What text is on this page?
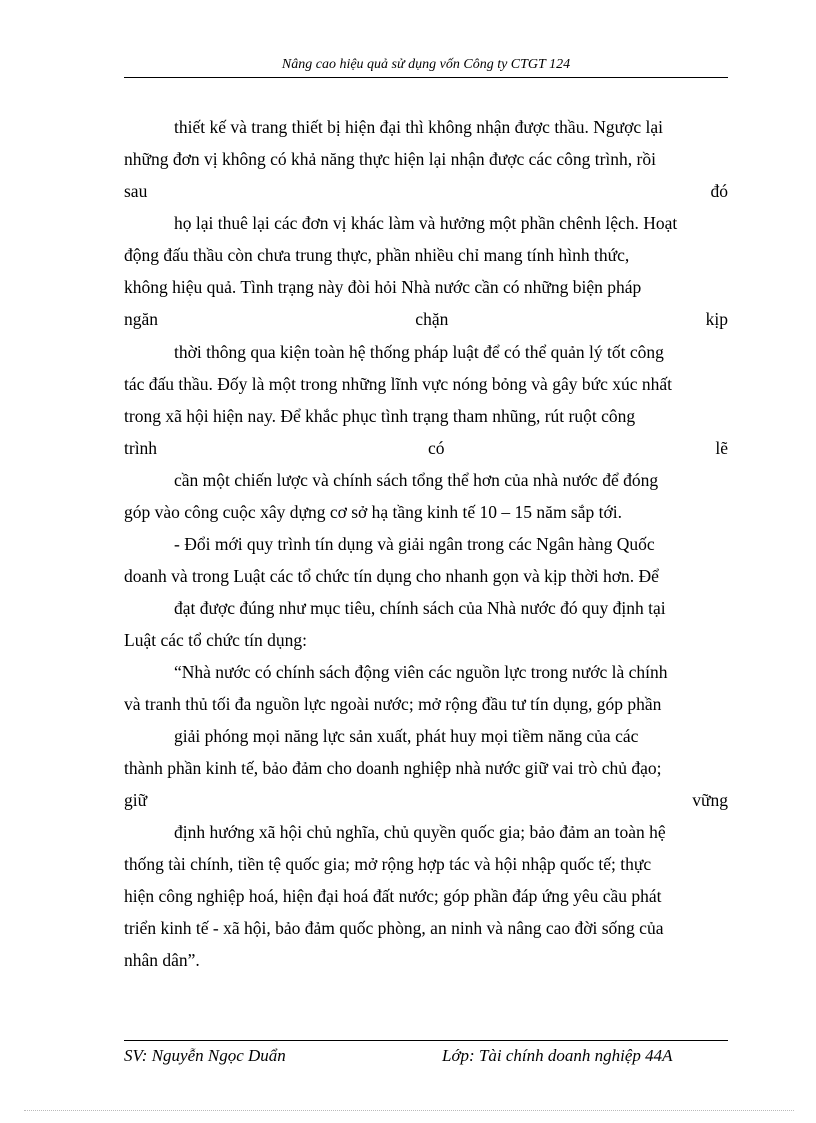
Nâng cao hiệu quả sử dụng vốn Công ty CTGT 124
thiết kế và trang thiết bị hiện đại thì không nhận được thầu. Ngược lại
những đơn vị không có khả năng thực hiện lại nhận được các công trình, rồi
sau	đó
họ lại thuê lại các đơn vị khác làm và hưởng một phần chênh lệch. Hoạt
động đấu thầu còn chưa trung thực, phần nhiều chỉ mang tính hình thức,
không hiệu quả. Tình trạng này đòi hỏi Nhà nước cần có những biện pháp
ngăn	chặn	kịp
thời thông qua kiện toàn hệ thống pháp luật để có thể quản lý tốt công
tác đấu thầu. Đốy là một trong những lĩnh vực nóng bỏng và gây bức xúc nhất
trong xã hội hiện nay. Để khắc phục tình trạng tham nhũng, rút ruột công
trình	có	lẽ
cần một chiến lược và chính sách tổng thể hơn của nhà nước để đóng
góp vào công cuộc xây dựng cơ sở hạ tầng kinh tế 10 – 15 năm sắp tới.
- Đổi mới quy trình tín dụng và giải ngân trong các Ngân hàng Quốc
doanh và trong Luật các tổ chức tín dụng cho nhanh gọn và kịp thời hơn. Để
đạt được đúng như mục tiêu, chính sách của Nhà nước đó quy định tại
Luật các tổ chức tín dụng:
“Nhà nước có chính sách động viên các nguồn lực trong nước là chính
và tranh thủ tối đa nguồn lực ngoài nước; mở rộng đầu tư tín dụng, góp phần
giải phóng mọi năng lực sản xuất, phát huy mọi tiềm năng của các
thành phần kinh tế, bảo đảm cho doanh nghiệp nhà nước giữ vai trò chủ đạo;
giữ	vững
định hướng xã hội chủ nghĩa, chủ quyền quốc gia; bảo đảm an toàn hệ
thống tài chính, tiền tệ quốc gia; mở rộng hợp tác và hội nhập quốc tế; thực
hiện công nghiệp hoá, hiện đại hoá đất nước; góp phần đáp ứng yêu cầu phát
triển kinh tế - xã hội, bảo đảm quốc phòng, an ninh và nâng cao đời sống của
nhân dân”.
SV: Nguyễn Ngọc Duẩn	Lớp: Tài chính doanh nghiệp 44A
